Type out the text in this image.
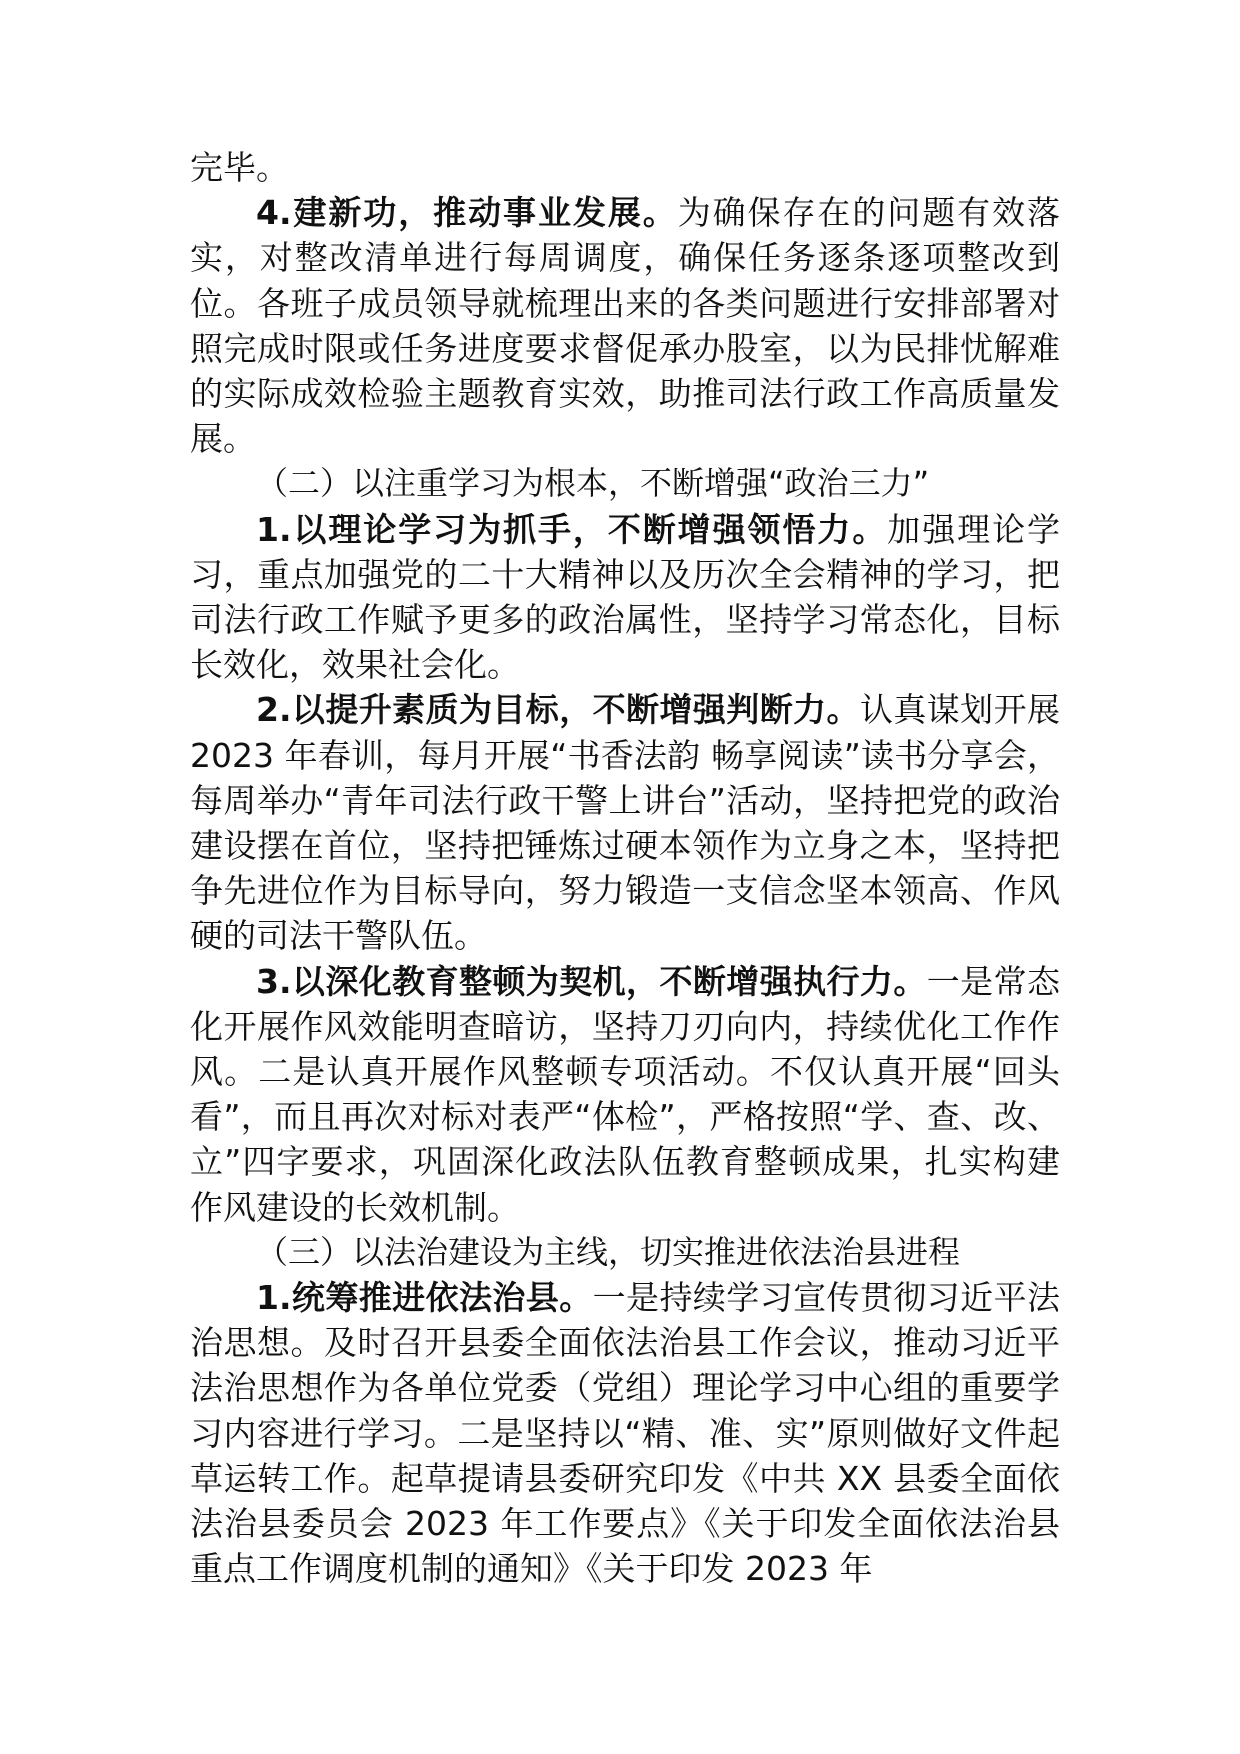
完毕。

4.建新功，推动事业发展。为确保存在的问题有效落实，对整改清单进行每周调度，确保任务逐条逐项整改到位。各班子成员领导就梳理出来的各类问题进行安排部署对照完成时限或任务进度要求督促承办股室，以为民排忧解难的实际成效检验主题教育实效，助推司法行政工作高质量发展。

（二）以注重学习为根本，不断增强“政治三力”

1.以理论学习为抓手，不断增强领悟力。加强理论学习，重点加强党的二十大精神以及历次全会精神的学习，把司法行政工作赋予更多的政治属性，坚持学习常态化，目标长效化，效果社会化。

2.以提升素质为目标，不断增强判断力。认真谋划开展 2023 年春训，每月开展“书香法韵 畅享阅读”读书分享会，每周举办“青年司法行政干警上讲台”活动，坚持把党的政治建设摆在首位，坚持把锤炼过硬本领作为立身之本，坚持把争先进位作为目标导向，努力锻造一支信念坚本领高、作风硬的司法干警队伍。

3.以深化教育整顿为契机，不断增强执行力。一是常态化开展作风效能明查暗访，坚持刀刃向内，持续优化工作作风。二是认真开展作风整顿专项活动。不仅认真开展“回头看”，而且再次对标对表严“体检”，严格按照“学、查、改、立”四字要求，巩固深化政法队伍教育整顿成果，扎实构建作风建设的长效机制。

（三）以法治建设为主线，切实推进依法治县进程

1.统筹推进依法治县。一是持续学习宣传贯彻习近平法治思想。及时召开县委全面依法治县工作会议，推动习近平法治思想作为各单位党委（党组）理论学习中心组的重要学习内容进行学习。二是坚持以“精、准、实”原则做好文件起草运转工作。起草提请县委研究印发《中共 XX 县委全面依法治县委员会 2023 年工作要点》《关于印发全面依法治县重点工作调度机制的通知》《关于印发 2023 年
